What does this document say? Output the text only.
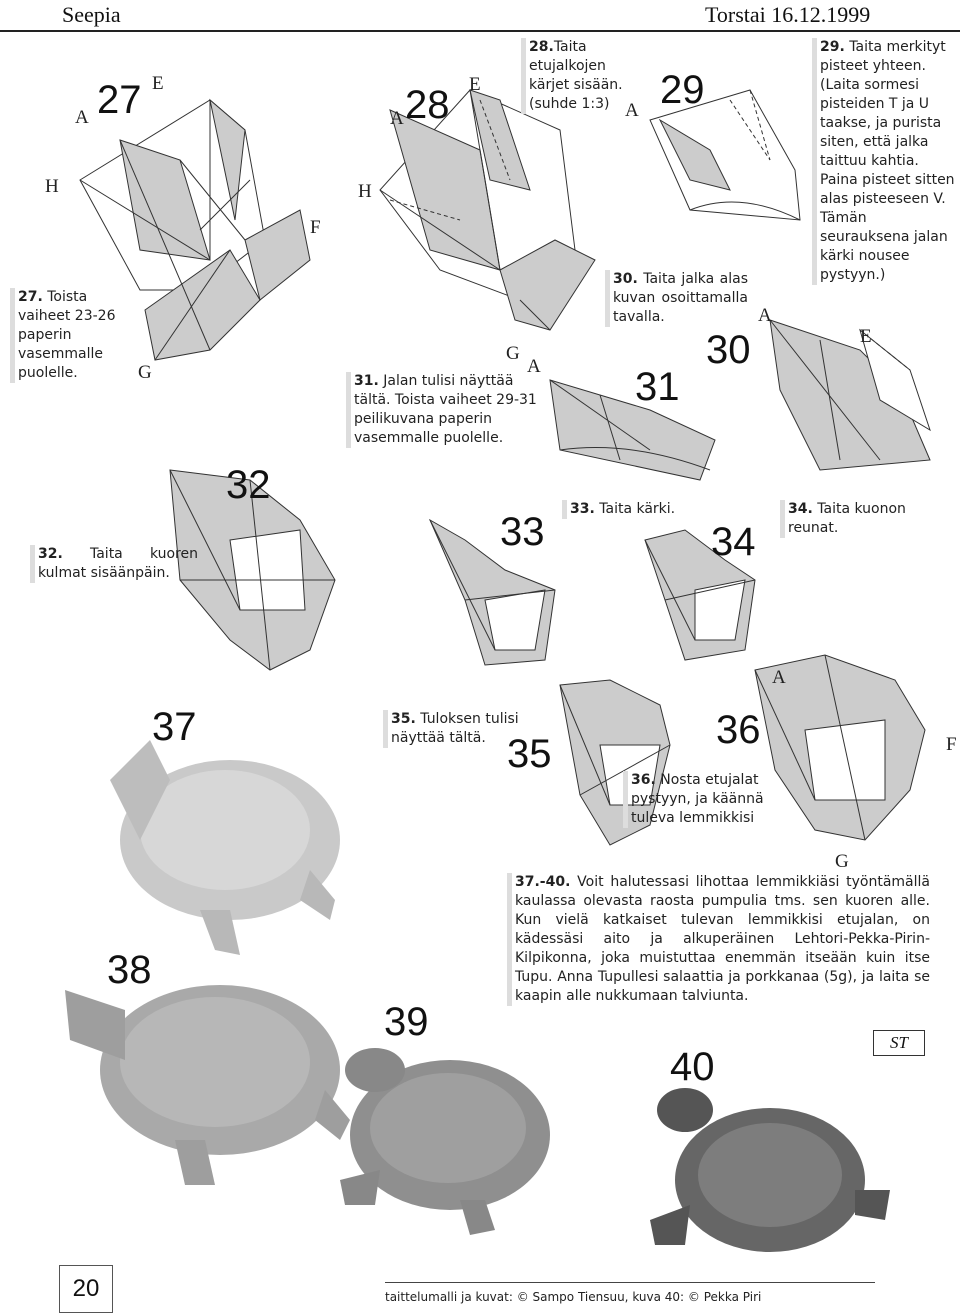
Seepia	Torstai 16.12.1999
27
A
E
H
G
27. Toista vaiheet 23-26 paperin vasemmalle puolelle.
28
A
E
H
F
G
28.Taita etujalkojen kärjet sisään. (suhde 1:3)	29
A
29. Taita merkityt pisteet yhteen. (Laita sormesi pisteiden T ja U taakse, ja purista siten, että jalka taittuu kahtia. Paina pisteet sitten alas pisteeseen V. Tämän seurauksena jalan kärki nousee pystyyn.)
30. Taita jalka alas kuvan osoittamalla tavalla.
31. Jalan tulisi näyttää tältä. Toista vaiheet 29-31 peilikuvana paperin vasemmalle puolelle.
31
A	30
A
E
32
32. Taita kuoren kulmat sisäänpäin.
33
33. Taita kärki.
34
34. Taita kuonon reunat.
35
35. Tuloksen tulisi näyttää tältä.	36
A
F
G
36. Nosta etujalat pystyyn, ja käännä tuleva lemmikkisi
37.-40. Voit halutessasi lihottaa lemmikkiäsi työntämällä kaulassa olevasta raosta pumpulia tms. sen kuoren alle. Kun vielä katkaiset tulevan lemmikkisi etujalan, on kädessäsi aito ja alkuperäinen Lehtori-Pekka-Pirin-Kilpikonna, joka muistuttaa enemmän itseään kuin itse Tupu. Anna Tupullesi salaattia ja porkkanaa (5g), ja laita se kaapin alle nukkumaan talviunta.
37
38
39
40
ST
20	taittelumalli ja kuvat: © Sampo Tiensuu, kuva 40: © Pekka Piri
